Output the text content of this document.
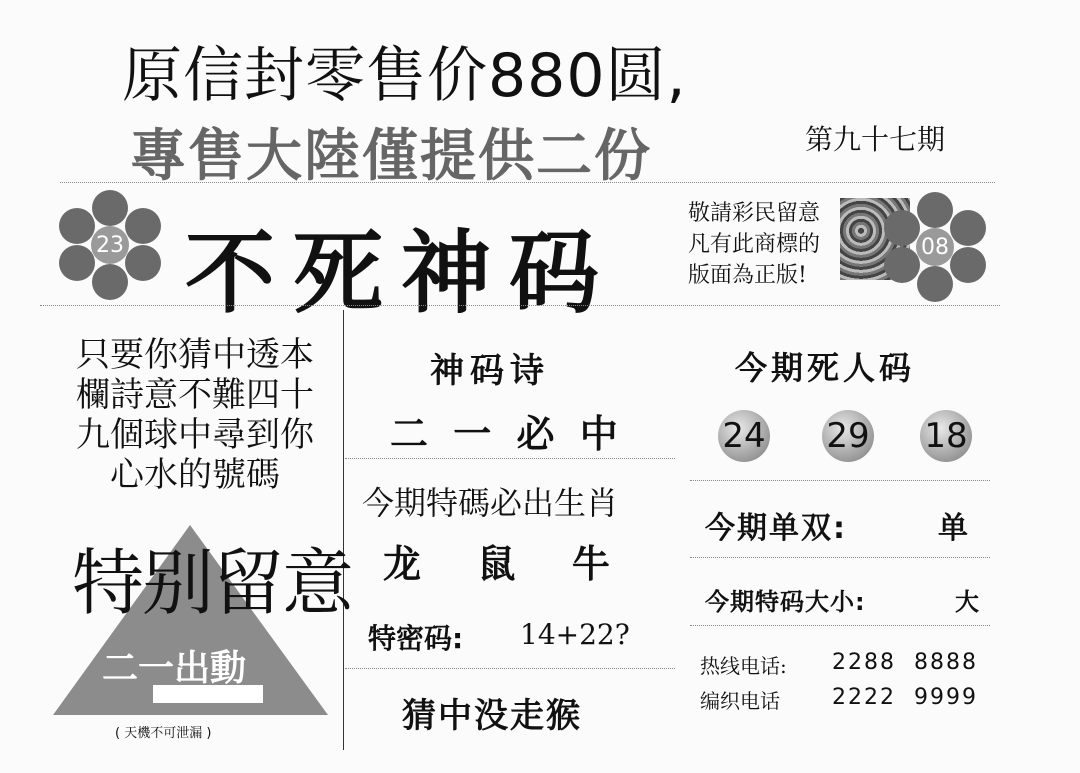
原信封零售价880圆,
專售大陸僅提供二份	第九十七期
23 不死神码
敬請彩民留意
凡有此商標的
版面為正版!
08
只要你猜中透本
欄詩意不難四十
九個球中尋到你
心水的號碼
特别留意
二一出動
( 天機不可泄漏 )
神码诗
二 一 必 中
今期特碼必出生肖
龙  鼠  牛
特密码: 14+22?
猜中没走猴
今期死人码
24 29 18
今期单双:	单
今期特码大小:	大
热线电话: 2288  8888
编织电话 2222  9999
